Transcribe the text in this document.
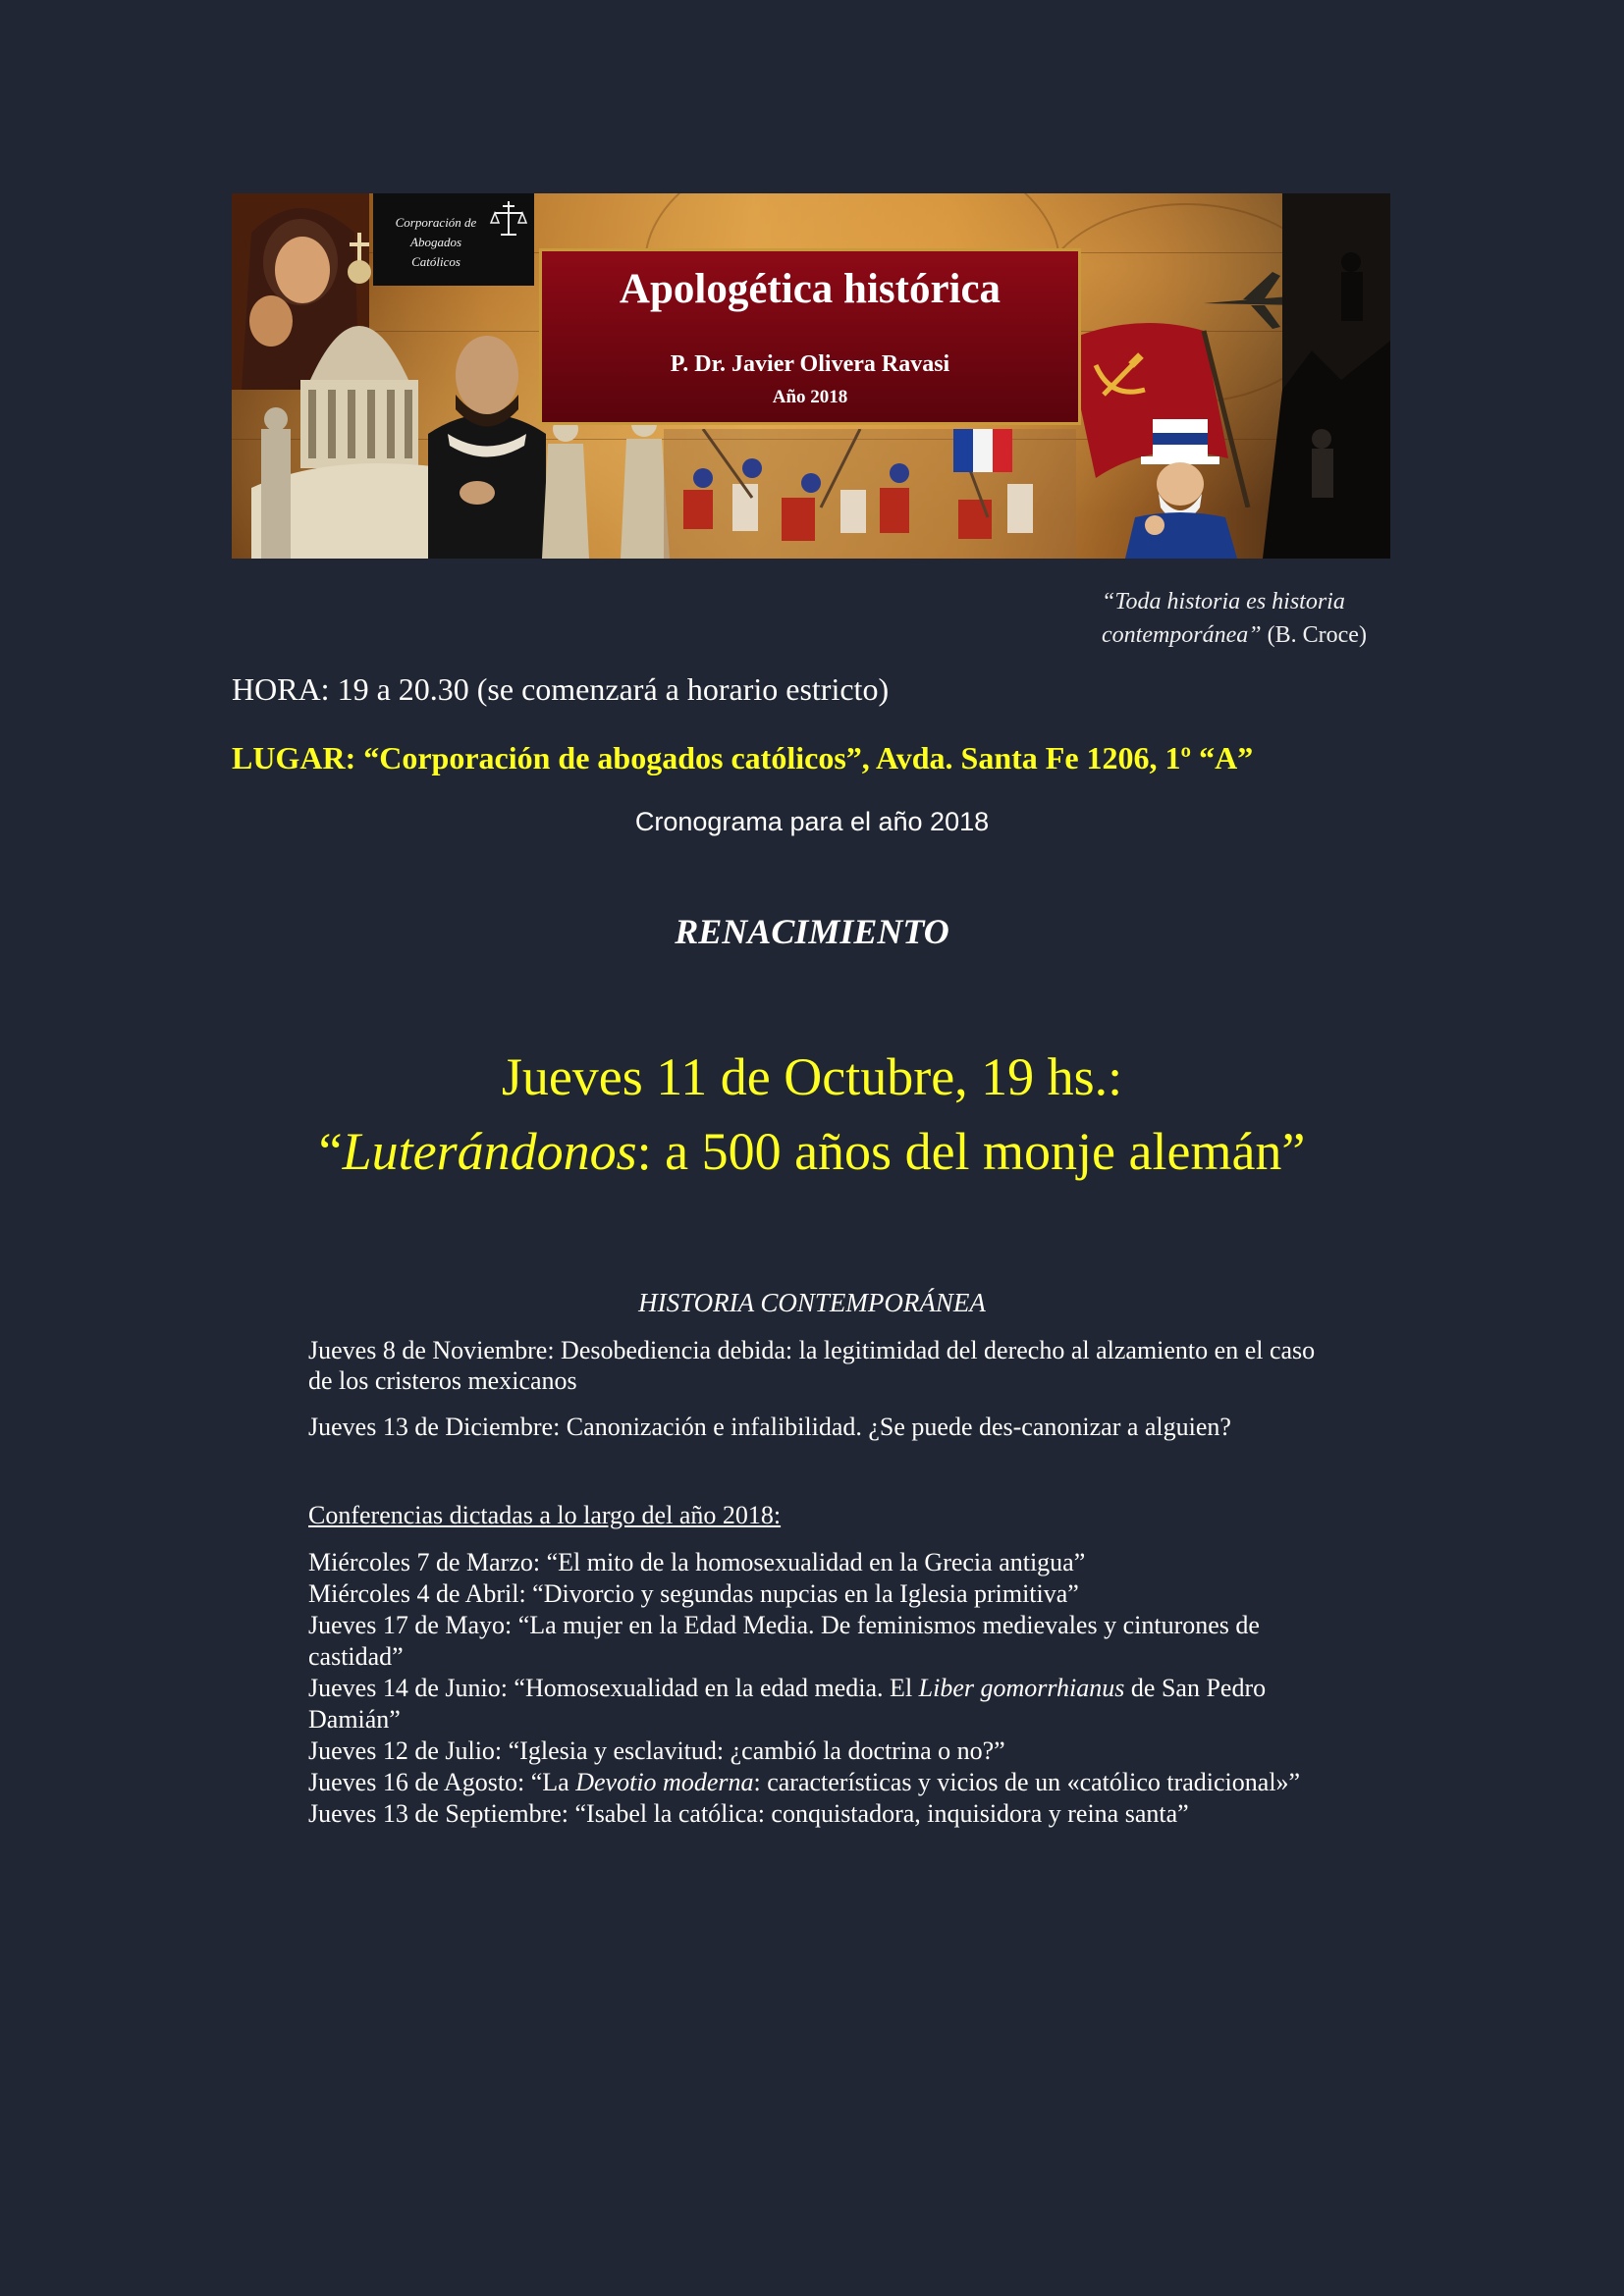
Corporación de
Abogados Católicos
Apologética histórica
P. Dr. Javier Olivera Ravasi
Año 2018
“Toda historia es historia contemporánea” (B. Croce)
HORA: 19 a 20.30 (se comenzará a horario estricto)
LUGAR: “Corporación de abogados católicos”, Avda. Santa Fe 1206, 1º “A”
Cronograma para el año 2018
RENACIMIENTO
Jueves 11 de Octubre, 19 hs.:
“Luterándonos: a 500 años del monje alemán”
HISTORIA CONTEMPORÁNEA
Jueves 8 de Noviembre: Desobediencia debida: la legitimidad del derecho al alzamiento en el caso de los cristeros mexicanos
Jueves 13 de Diciembre: Canonización e infalibilidad. ¿Se puede des-canonizar a alguien?
Conferencias dictadas a lo largo del año 2018:
Miércoles 7 de Marzo: “El mito de la homosexualidad en la Grecia antigua”
Miércoles 4 de Abril: “Divorcio y segundas nupcias en la Iglesia primitiva”
Jueves 17 de Mayo: “La mujer en la Edad Media. De feminismos medievales y cinturones de castidad”
Jueves 14 de Junio: “Homosexualidad en la edad media. El Liber gomorrhianus de San Pedro Damián”
Jueves 12 de Julio: “Iglesia y esclavitud: ¿cambió la doctrina o no?”
Jueves 16 de Agosto: “La Devotio moderna: características y vicios de un «católico tradicional»”
Jueves 13 de Septiembre: “Isabel la católica: conquistadora, inquisidora y reina santa”
